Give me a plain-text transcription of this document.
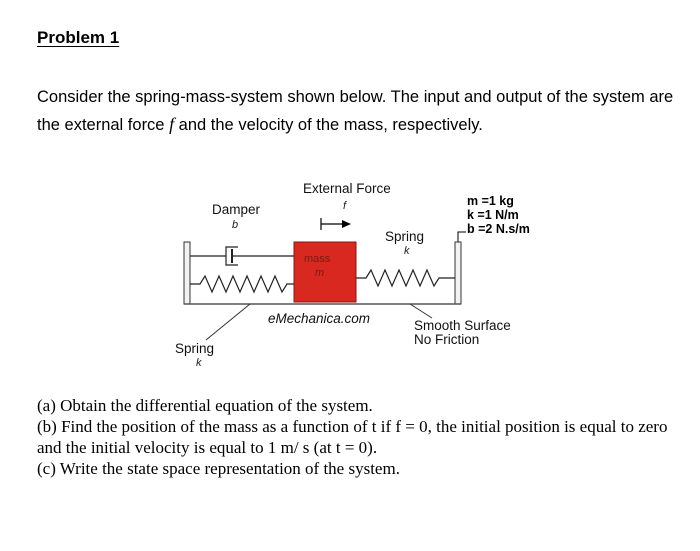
Problem 1
Consider the spring-mass-system shown below. The input and output of the system are the external force f and the velocity of the mass, respectively.
External Force
f
Damper
b
Spring
k
m =1 kg
k =1 N/m
b =2 N.s/m
mass
m
eMechanica.com	Smooth Surface
No Friction
Spring
k
(a) Obtain the differential equation of the system.
(b) Find the position of the mass as a function of t if f = 0, the initial position is equal to zero and the initial velocity is equal to 1 m/ s (at t = 0).
(c) Write the state space representation of the system.
